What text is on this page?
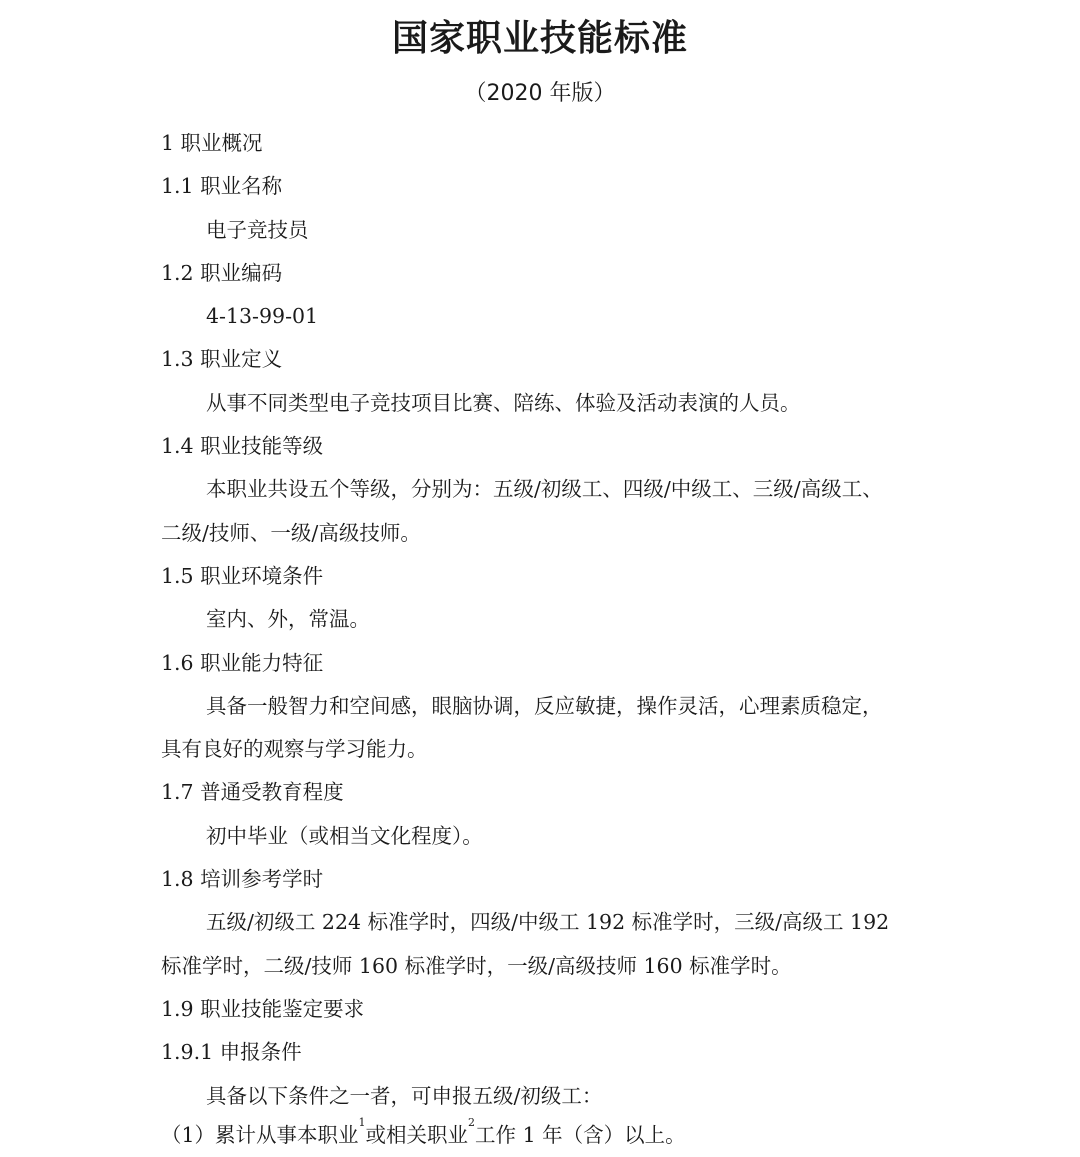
国家职业技能标准
（2020 年版）
1 职业概况
1.1 职业名称
电子竞技员
1.2 职业编码
4-13-99-01
1.3 职业定义
从事不同类型电子竞技项目比赛、陪练、体验及活动表演的人员。
1.4 职业技能等级
本职业共设五个等级，分别为：五级/初级工、四级/中级工、三级/高级工、
二级/技师、一级/高级技师。
1.5 职业环境条件
室内、外，常温。
1.6 职业能力特征
具备一般智力和空间感，眼脑协调，反应敏捷，操作灵活，心理素质稳定，
具有良好的观察与学习能力。
1.7 普通受教育程度
初中毕业（或相当文化程度）。
1.8 培训参考学时
五级/初级工 224 标准学时，四级/中级工 192 标准学时，三级/高级工 192
标准学时，二级/技师 160 标准学时，一级/高级技师 160 标准学时。
1.9 职业技能鉴定要求
1.9.1 申报条件
具备以下条件之一者，可申报五级/初级工：
（1）累计从事本职业$^1$或相关职业$^2$工作 1 年（含）以上。
